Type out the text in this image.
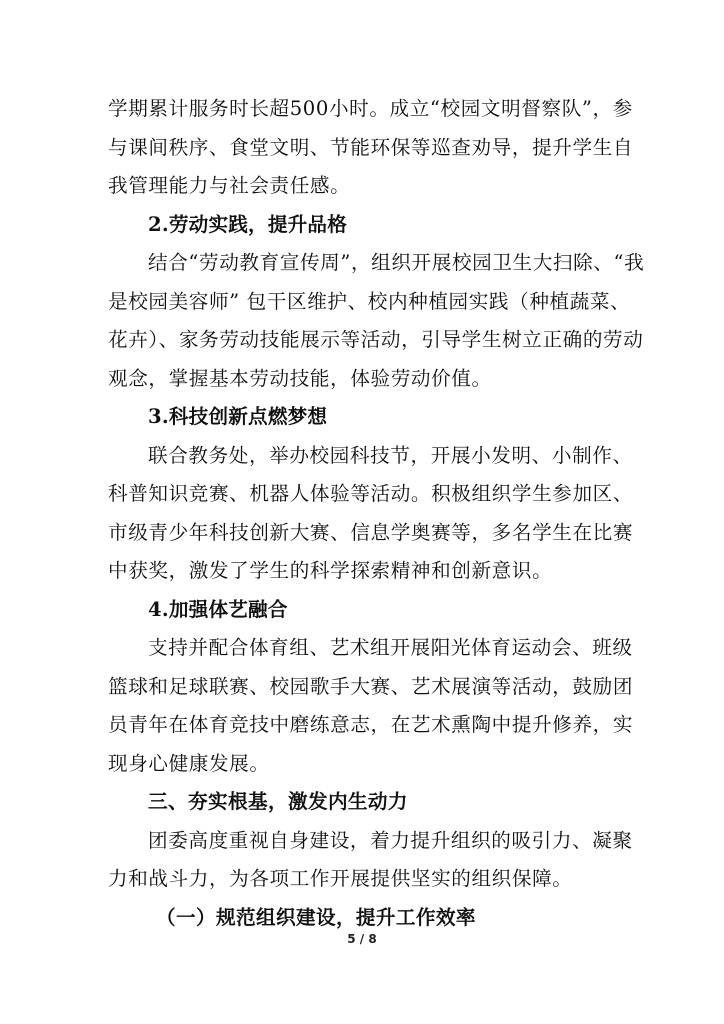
学期累计服务时长超500小时。成立“校园文明督察队”，参
与课间秩序、食堂文明、节能环保等巡查劝导，提升学生自
我管理能力与社会责任感。
2.劳动实践，提升品格
结合“劳动教育宣传周”，组织开展校园卫生大扫除、“我
是校园美容师” 包干区维护、校内种植园实践（种植蔬菜、
花卉）、家务劳动技能展示等活动，引导学生树立正确的劳动
观念，掌握基本劳动技能，体验劳动价值。
3.科技创新点燃梦想
联合教务处，举办校园科技节，开展小发明、小制作、
科普知识竞赛、机器人体验等活动。积极组织学生参加区、
市级青少年科技创新大赛、信息学奥赛等，多名学生在比赛
中获奖，激发了学生的科学探索精神和创新意识。
4.加强体艺融合
支持并配合体育组、艺术组开展阳光体育运动会、班级
篮球和足球联赛、校园歌手大赛、艺术展演等活动，鼓励团
员青年在体育竞技中磨练意志，在艺术熏陶中提升修养，实
现身心健康发展。
三、夯实根基，激发内生动力
团委高度重视自身建设，着力提升组织的吸引力、凝聚
力和战斗力，为各项工作开展提供坚实的组织保障。
（一）规范组织建设，提升工作效率
5 / 8
